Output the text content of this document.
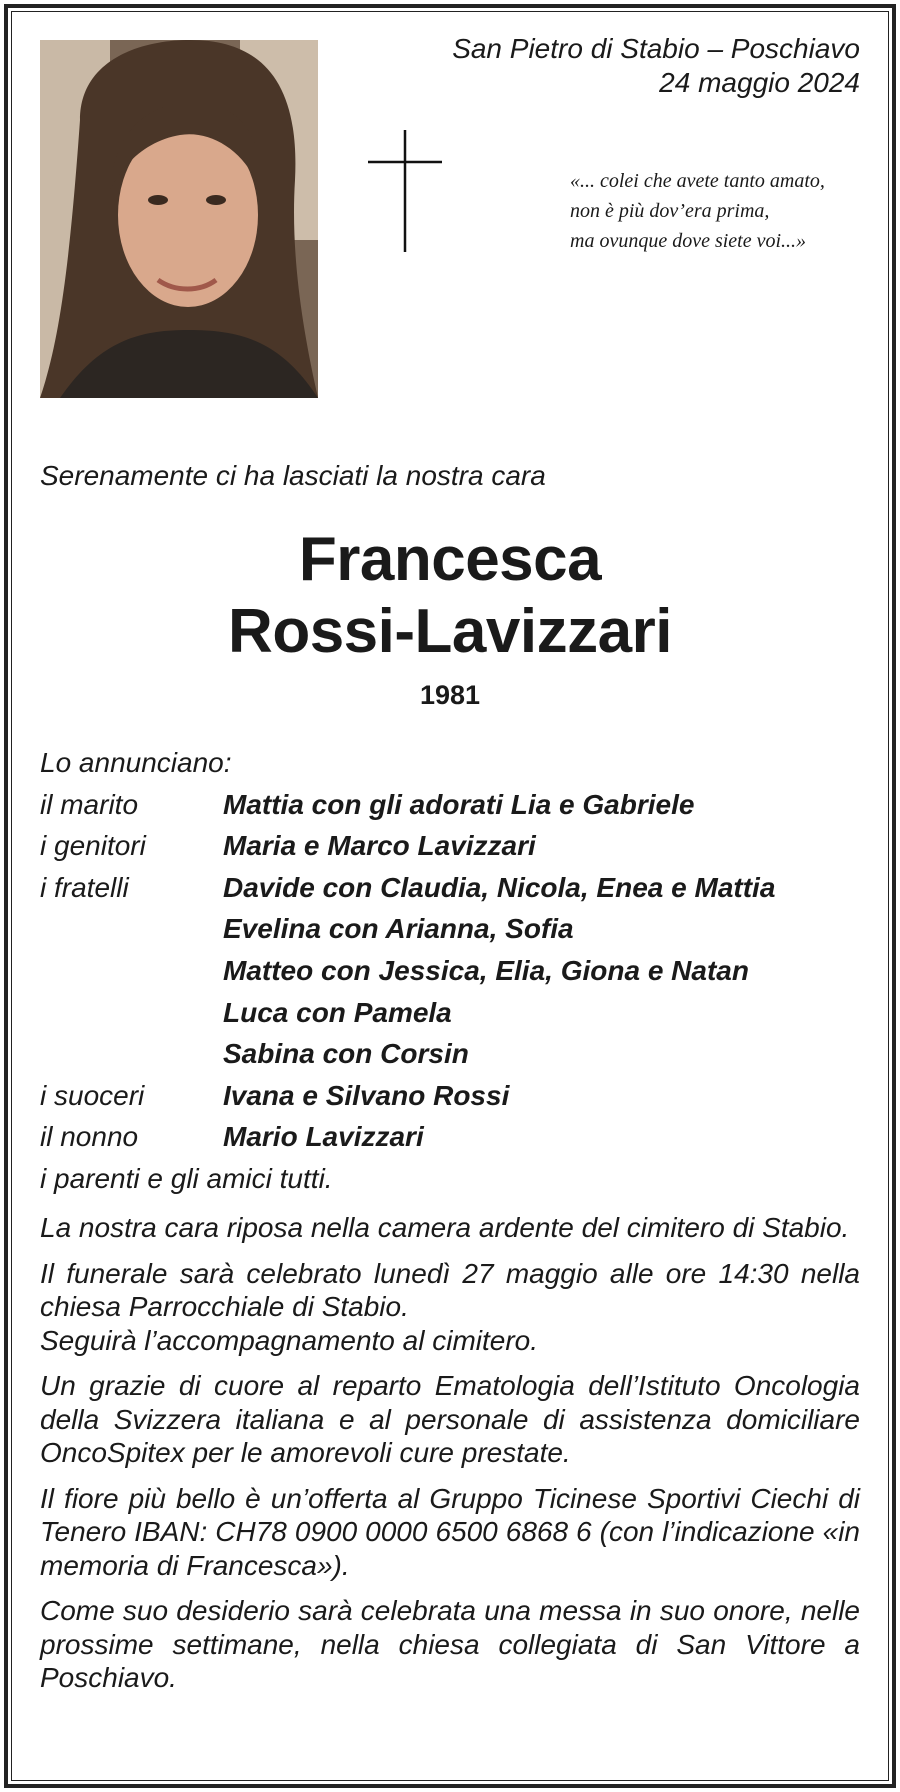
San Pietro di Stabio – Poschiavo
24 maggio 2024
«... colei che avete tanto amato,
non è più dov’era prima,
ma ovunque dove siete voi...»
Serenamente ci ha lasciati la nostra cara
Francesca
Rossi-Lavizzari
1981
Lo annunciano:
il marito	Mattia con gli adorati Lia e Gabriele
i genitori	Maria e Marco Lavizzari
i fratelli	Davide con Claudia, Nicola, Enea e Mattia
Evelina con Arianna, Sofia
Matteo con Jessica, Elia, Giona e Natan
Luca con Pamela
Sabina con Corsin
i suoceri	Ivana e Silvano Rossi
il nonno	Mario Lavizzari
i parenti e gli amici tutti.
La nostra cara riposa nella camera ardente del cimitero di Stabio.
Il funerale sarà celebrato lunedì 27 maggio alle ore 14:30 nella chiesa Parrocchiale di Stabio.
Seguirà l’accompagnamento al cimitero.
Un grazie di cuore al reparto Ematologia dell’Istituto Oncologia della Svizzera italiana e al personale di assistenza domiciliare OncoSpitex per le amorevoli cure prestate.
Il fiore più bello è un’offerta al Gruppo Ticinese Sportivi Ciechi di Tenero IBAN: CH78 0900 0000 6500 6868 6 (con l’indicazione «in memoria di Francesca»).
Come suo desiderio sarà celebrata una messa in suo onore, nelle prossime settimane, nella chiesa collegiata di San Vittore a Poschiavo.
